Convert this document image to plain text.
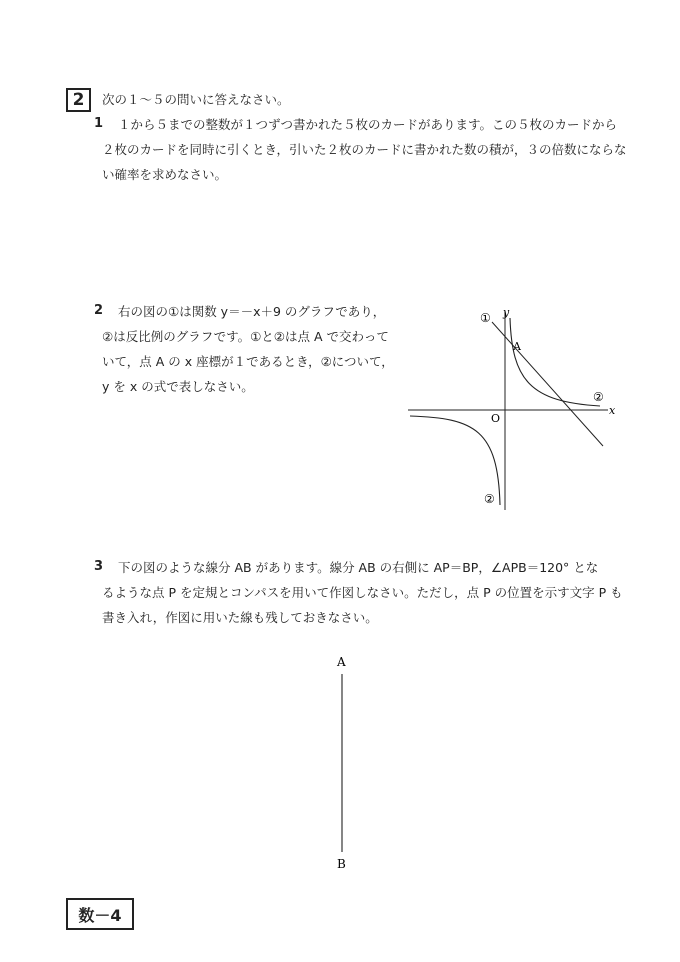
2 次の１～５の問いに答えなさい。
1 １から５までの整数が１つずつ書かれた５枚のカードがあります。この５枚のカードから
２枚のカードを同時に引くとき，引いた２枚のカードに書かれた数の積が，３の倍数にならな
い確率を求めなさい。
2 右の図の①は関数 y＝－x＋9 のグラフであり，
②は反比例のグラフです。①と②は点 A で交わって
いて，点 A の x 座標が１であるとき，②について，
y を x の式で表しなさい。
①
②
②
x
y
O
A
3 下の図のような線分 AB があります。線分 AB の右側に AP＝BP，∠APB＝120° とな
るような点 P を定規とコンパスを用いて作図しなさい。ただし，点 P の位置を示す文字 P も
書き入れ，作図に用いた線も残しておきなさい。
A
B
数－4
